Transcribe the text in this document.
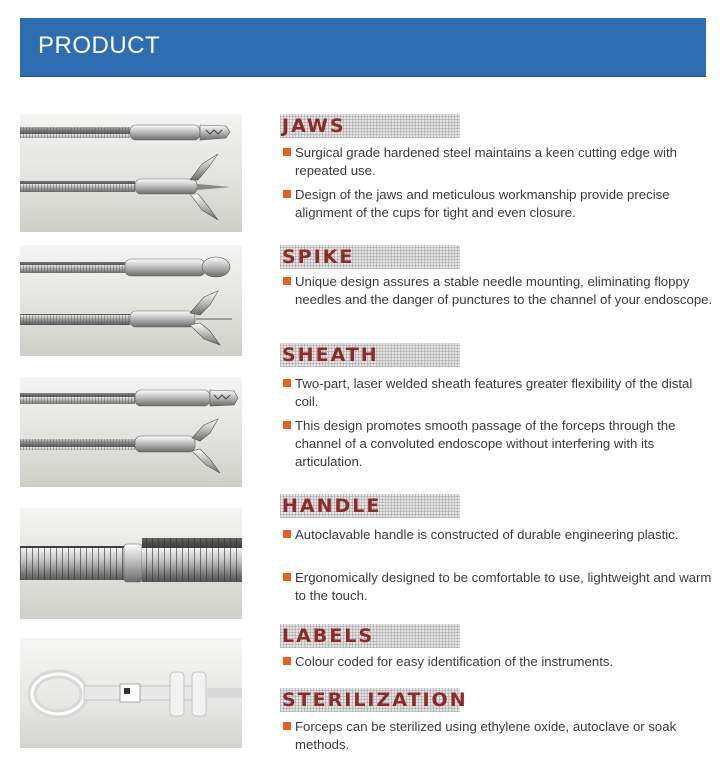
PRODUCT
JAWS
Surgical grade hardened steel maintains a keen cutting edge with repeated use.
Design of the jaws and meticulous workmanship provide precise alignment of the cups for tight and even closure.
SPIKE
Unique design assures a stable needle mounting, eliminating floppy needles and the danger of punctures to the channel of your endoscope.
SHEATH
Two-part, laser welded sheath features greater flexibility of the distal coil.
This design promotes smooth passage of the forceps through the channel of a convoluted endoscope without interfering with its articulation.
HANDLE
Autoclavable handle is constructed of durable engineering plastic.
Ergonomically designed to be comfortable to use, lightweight and warm to the touch.
LABELS
Colour coded for easy identification of the instruments.
STERILIZATION
Forceps can be sterilized using ethylene oxide, autoclave or soak methods.
